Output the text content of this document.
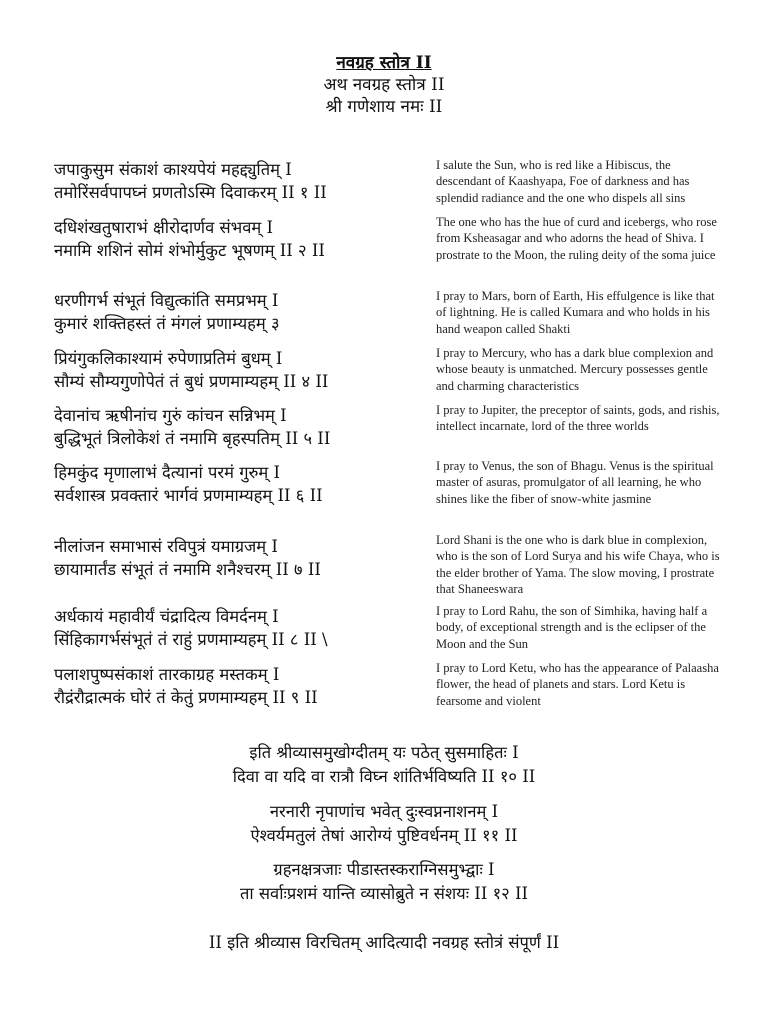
नवग्रह स्तोत्र II
अथ नवग्रह स्तोत्र II
श्री गणेशाय नमः II
जपाकुसुम संकाशं काश्यपेयं महद्द्युतिम् I
तमोरिंसर्वपापघ्नं प्रणतोऽस्मि दिवाकरम् II १ II
I salute the Sun, who is red like a Hibiscus, the descendant of Kaashyapa, Foe of darkness and has splendid radiance and the one who dispels all sins
दधिशंखतुषाराभं क्षीरोदार्णव संभवम् I
नमामि शशिनं सोमं शंभोर्मुकुट भूषणम् II २ II
The one who has the hue of curd and icebergs, who rose from Ksheasagar and who adorns the head of Shiva. I prostrate to the Moon, the ruling deity of the soma juice
धरणीगर्भ संभूतं विद्युत्कांति समप्रभम् I
कुमारं शक्तिहस्तं तं मंगलं प्रणाम्यहम् ३
I pray to Mars, born of Earth, His effulgence is like that of lightning. He is called Kumara and who holds in his hand weapon called Shakti
प्रियंगुकलिकाश्यामं रुपेणाप्रतिमं बुधम् I
सौम्यं सौम्यगुणोपेतं तं बुधं प्रणमाम्यहम् II ४ II
I pray to Mercury, who has a dark blue complexion and whose beauty is unmatched. Mercury possesses gentle and charming characteristics
देवानांच ऋषीनांच गुरुं कांचन सन्निभम् I
बुद्धिभूतं त्रिलोकेशं तं नमामि बृहस्पतिम् II ५ II
I pray to Jupiter, the preceptor of saints, gods, and rishis, intellect incarnate, lord of the three worlds
हिमकुंद मृणालाभं दैत्यानां परमं गुरुम् I
सर्वशास्त्र प्रवक्तारं भार्गवं प्रणमाम्यहम् II ६ II
I pray to Venus, the son of Bhagu. Venus is the spiritual master of asuras, promulgator of all learning, he who shines like the fiber of snow-white jasmine
नीलांजन समाभासं रविपुत्रं यमाग्रजम् I
छायामार्तंड संभूतं तं नमामि शनैश्चरम् II ७ II
Lord Shani is the one who is dark blue in complexion, who is the son of Lord Surya and his wife Chaya, who is the elder brother of Yama. The slow moving, I prostrate that Shaneeswara
अर्धकायं महावीर्यं चंद्रादित्य विमर्दनम् I
सिंहिकागर्भसंभूतं तं राहुं प्रणमाम्यहम् II ८ II \
I pray to Lord Rahu, the son of Simhika, having half a body, of exceptional strength and is the eclipser of the Moon and the Sun
पलाशपुष्पसंकाशं तारकाग्रह मस्तकम् I
रौद्रंरौद्रात्मकं घोरं तं केतुं प्रणमाम्यहम् II ९ II
I pray to Lord Ketu, who has the appearance of Palaasha flower, the head of planets and stars. Lord Ketu is fearsome and violent
इति श्रीव्यासमुखोग्दीतम् यः पठेत् सुसमाहितः I
दिवा वा यदि वा रात्रौ विघ्न शांतिर्भविष्यति II १० II
नरनारी नृपाणांच भवेत् दुःस्वप्ननाशनम् I
ऐश्वर्यमतुलं तेषां आरोग्यं पुष्टिवर्धनम् II ११ II
ग्रहनक्षत्रजाः पीडास्तस्कराग्निसमुभ्द्वाः I
ता सर्वाःप्रशमं यान्ति व्यासोब्रुते न संशयः II १२ II
II इति श्रीव्यास विरचितम् आदित्यादी नवग्रह स्तोत्रं संपूर्णं II
